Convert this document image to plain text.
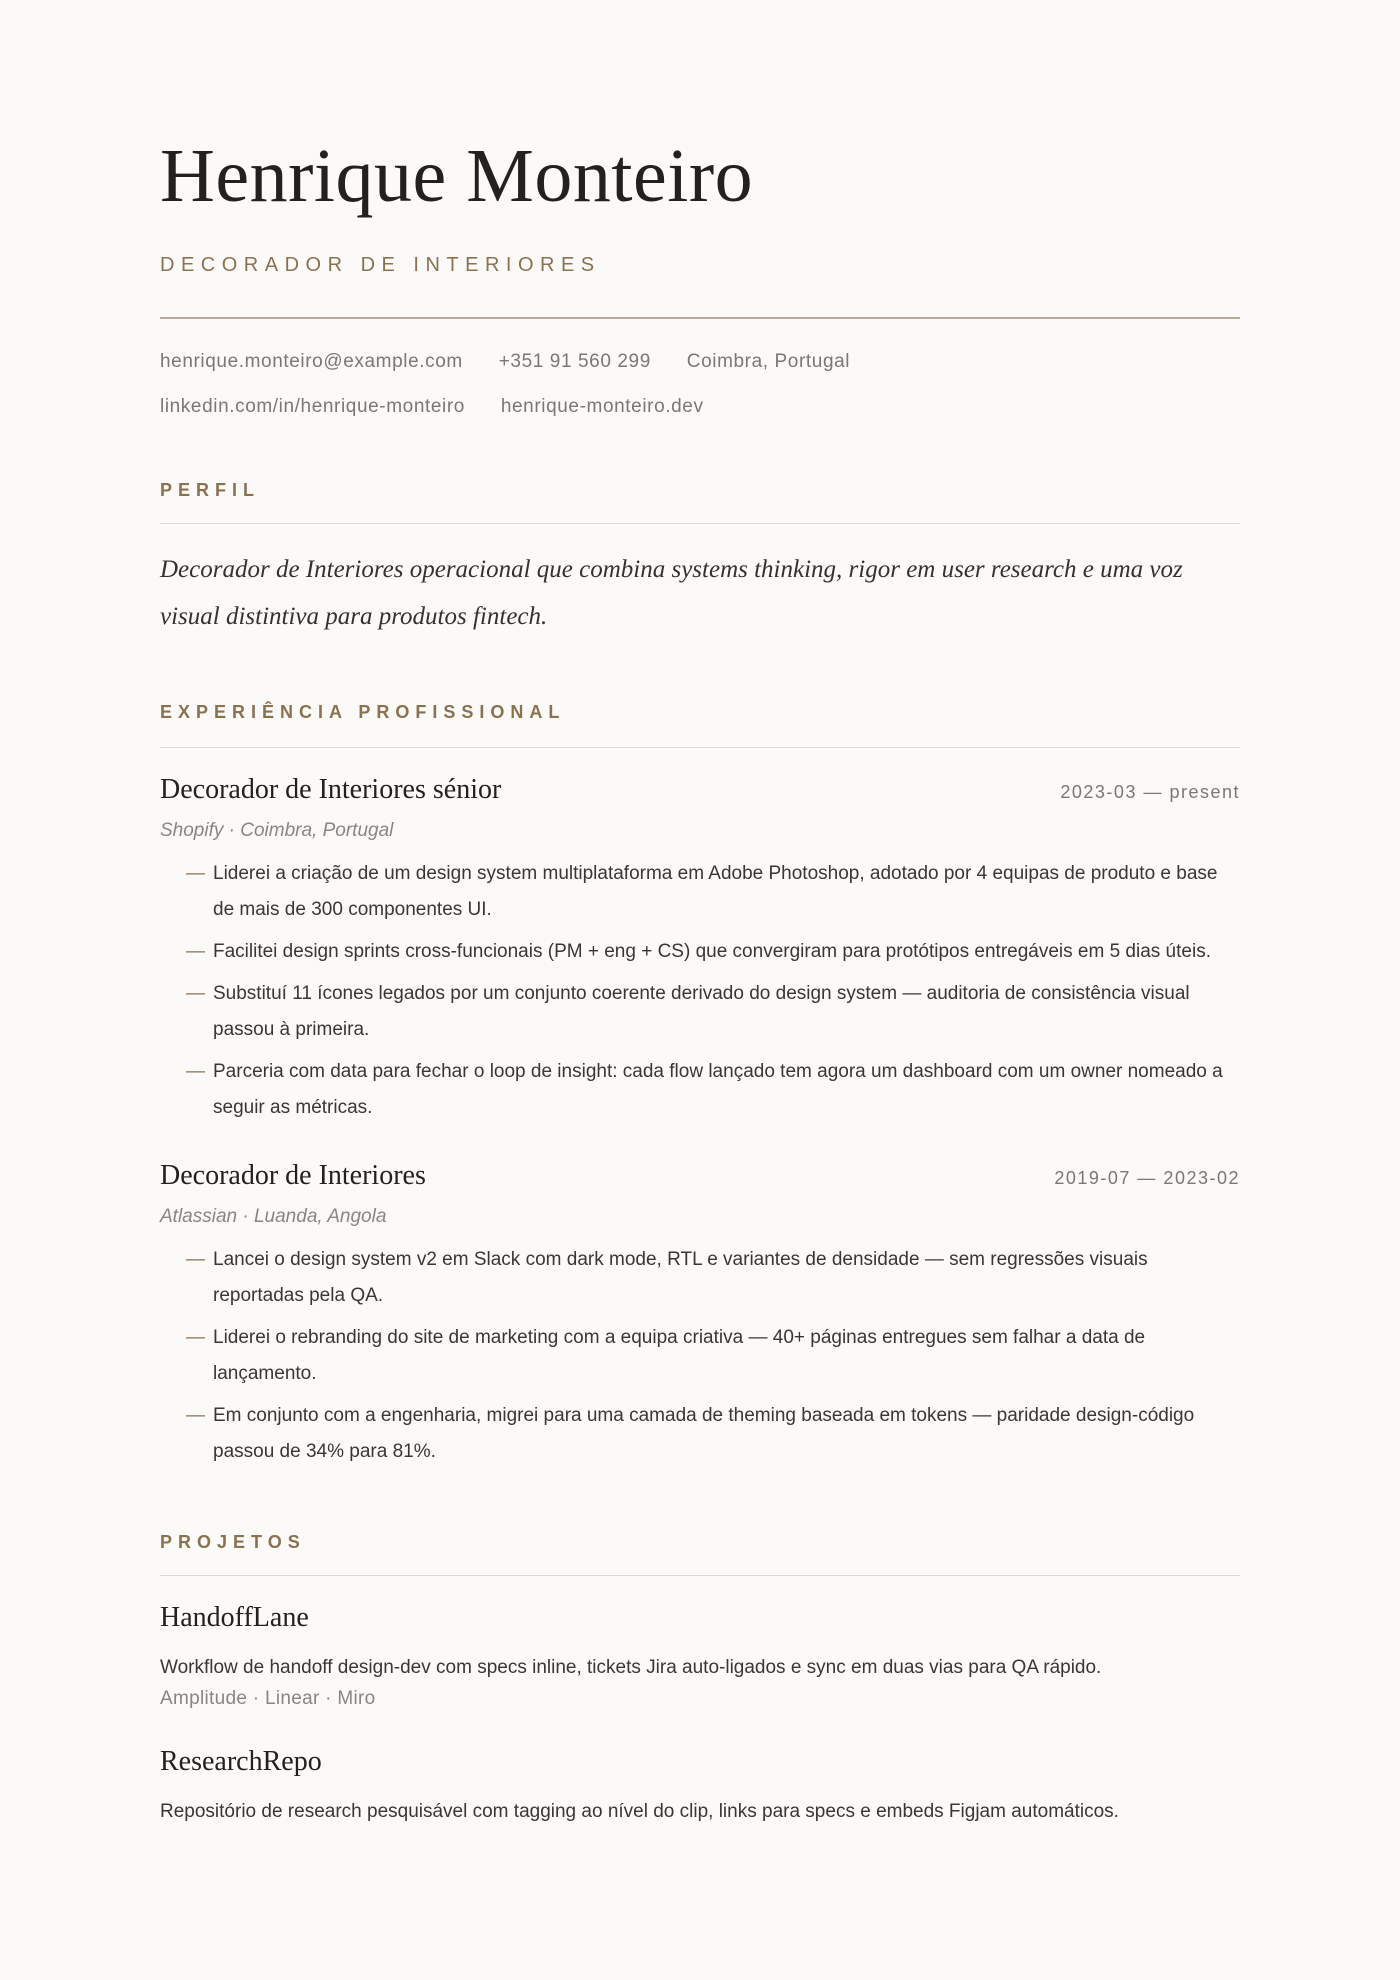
Henrique Monteiro
DECORADOR DE INTERIORES
henrique.monteiro@example.com +351 91 560 299 Coimbra, Portugal
linkedin.com/in/henrique-monteiro henrique-monteiro.dev
PERFIL
Decorador de Interiores operacional que combina systems thinking, rigor em user research e uma voz visual distintiva para produtos fintech.
EXPERIÊNCIA PROFISSIONAL
Decorador de Interiores sénior	2023-03 — present
Shopify · Coimbra, Portugal
— Liderei a criação de um design system multiplataforma em Adobe Photoshop, adotado por 4 equipas de produto e base de mais de 300 componentes UI.
— Facilitei design sprints cross-funcionais (PM + eng + CS) que convergiram para protótipos entregáveis em 5 dias úteis.
— Substituí 11 ícones legados por um conjunto coerente derivado do design system — auditoria de consistência visual passou à primeira.
— Parceria com data para fechar o loop de insight: cada flow lançado tem agora um dashboard com um owner nomeado a seguir as métricas.
Decorador de Interiores	2019-07 — 2023-02
Atlassian · Luanda, Angola
— Lancei o design system v2 em Slack com dark mode, RTL e variantes de densidade — sem regressões visuais reportadas pela QA.
— Liderei o rebranding do site de marketing com a equipa criativa — 40+ páginas entregues sem falhar a data de lançamento.
— Em conjunto com a engenharia, migrei para uma camada de theming baseada em tokens — paridade design-código passou de 34% para 81%.
PROJETOS
HandoffLane
Workflow de handoff design-dev com specs inline, tickets Jira auto-ligados e sync em duas vias para QA rápido.
Amplitude · Linear · Miro
ResearchRepo
Repositório de research pesquisável com tagging ao nível do clip, links para specs e embeds Figjam automáticos.
